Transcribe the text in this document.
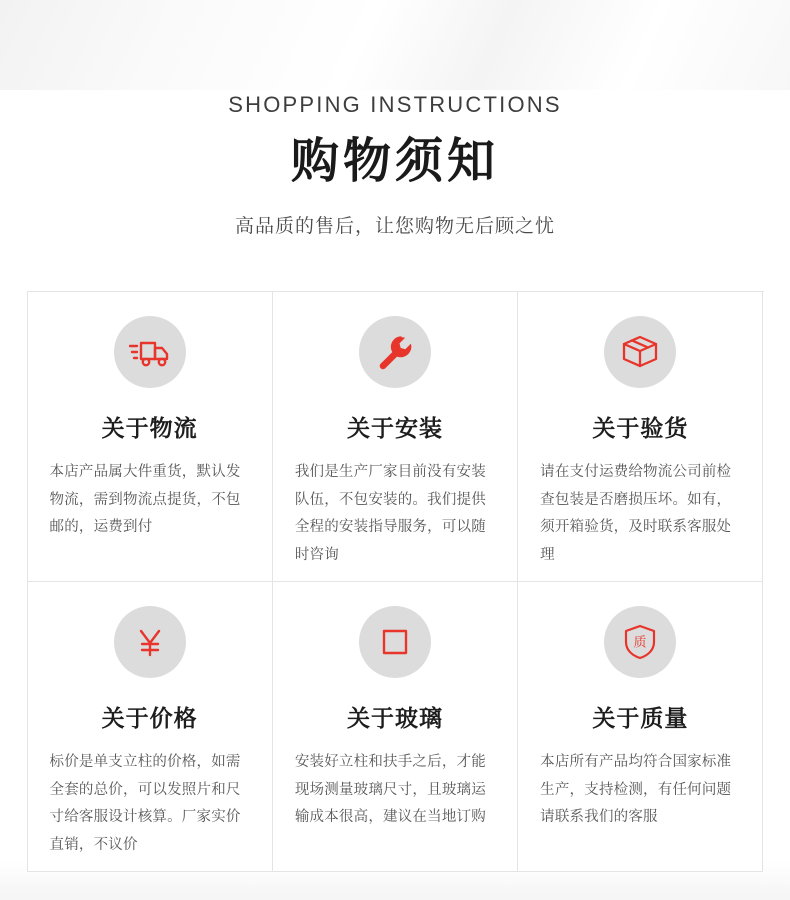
SHOPPING INSTRUCTIONS
购物须知
高品质的售后，让您购物无后顾之忧
关于物流
本店产品属大件重货，默认发物流，需到物流点提货，不包邮的，运费到付
关于安装
我们是生产厂家目前没有安装队伍，不包安装的。我们提供全程的安装指导服务，可以随时咨询
关于验货
请在支付运费给物流公司前检查包装是否磨损压坏。如有，须开箱验货，及时联系客服处理
关于价格
标价是单支立柱的价格，如需全套的总价，可以发照片和尺寸给客服设计核算。厂家实价直销，不议价
关于玻璃
安装好立柱和扶手之后，才能现场测量玻璃尺寸，且玻璃运输成本很高，建议在当地订购
质
关于质量
本店所有产品均符合国家标准生产，支持检测，有任何问题请联系我们的客服
